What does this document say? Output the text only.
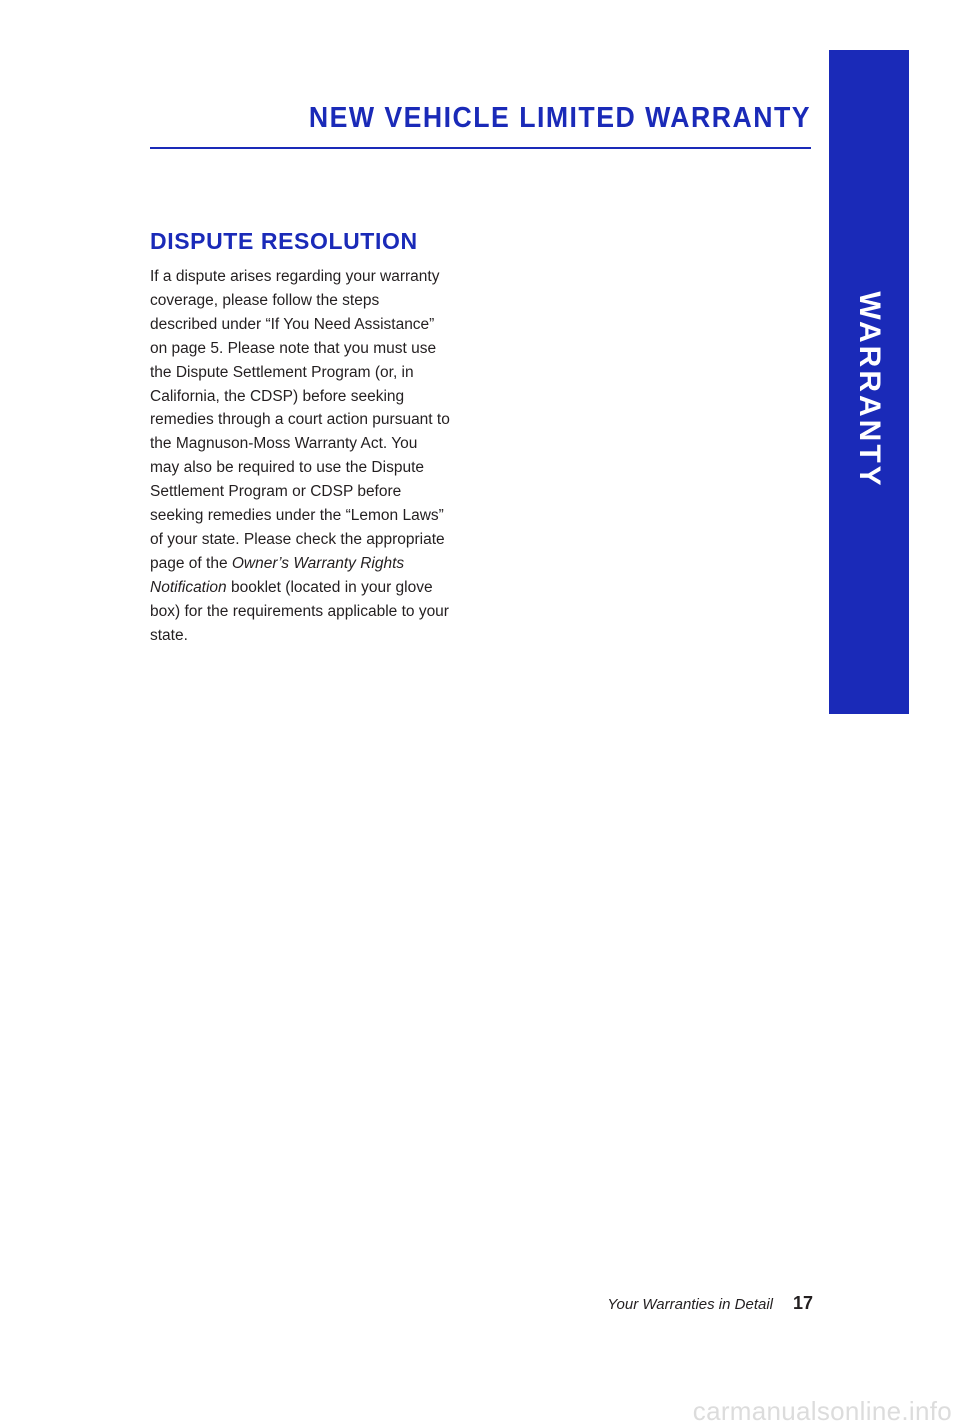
NEW VEHICLE LIMITED WARRANTY
WARRANTY
DISPUTE RESOLUTION

If a dispute arises regarding your warranty coverage, please follow the steps described under “If You Need Assistance” on page 5. Please note that you must use the Dispute Settlement Program (or, in California, the CDSP) before seeking remedies through a court action pursuant to the Magnuson-Moss Warranty Act. You may also be required to use the Dispute Settlement Program or CDSP before seeking remedies under the “Lemon Laws” of your state. Please check the appropriate page of the Owner’s Warranty Rights Notification booklet (located in your glove box) for the requirements applicable to your state.

Your Warranties in Detail 17
carmanualsonline.info
